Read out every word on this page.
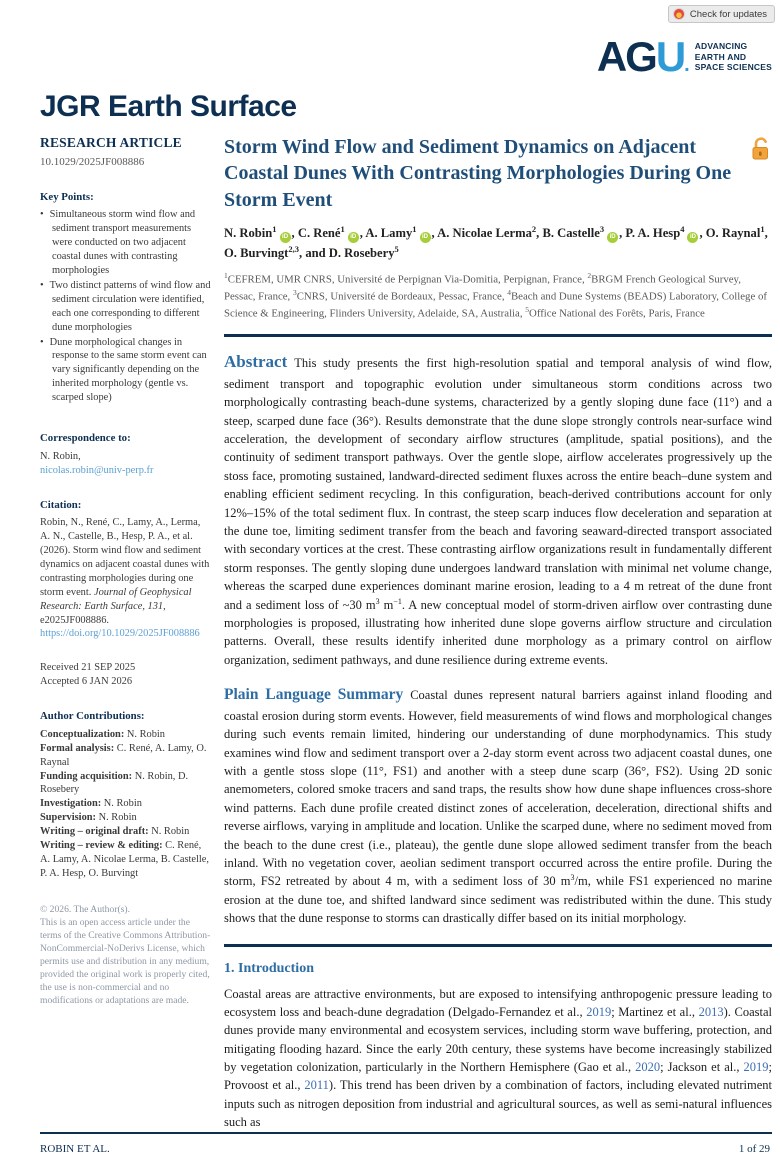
Check for updates
AGU.
ADVANCING
EARTH AND
SPACE SCIENCES
JGR Earth Surface
RESEARCH ARTICLE
10.1029/2025JF008886
Key Points:
• Simultaneous storm wind flow and sediment transport measurements were conducted on two adjacent coastal dunes with contrasting morphologies
• Two distinct patterns of wind flow and sediment circulation were identified, each one corresponding to different dune morphologies
• Dune morphological changes in response to the same storm event can vary significantly depending on the inherited morphology (gentle vs. scarped slope)
Correspondence to:
N. Robin,
nicolas.robin@univ-perp.fr
Citation:
Robin, N., René, C., Lamy, A., Lerma, A. N., Castelle, B., Hesp, P. A., et al. (2026). Storm wind flow and sediment dynamics on adjacent coastal dunes with contrasting morphologies during one storm event. Journal of Geophysical Research: Earth Surface, 131, e2025JF008886. https://doi.org/10.1029/2025JF008886
Received 21 SEP 2025
Accepted 6 JAN 2026
Author Contributions:
Conceptualization: N. Robin
Formal analysis: C. René, A. Lamy, O. Raynal
Funding acquisition: N. Robin, D. Rosebery
Investigation: N. Robin
Supervision: N. Robin
Writing – original draft: N. Robin
Writing – review & editing: C. René, A. Lamy, A. Nicolae Lerma, B. Castelle, P. A. Hesp, O. Burvingt
© 2026. The Author(s).
This is an open access article under the terms of the Creative Commons Attribution-NonCommercial-NoDerivs License, which permits use and distribution in any medium, provided the original work is properly cited, the use is non-commercial and no modifications or adaptations are made.
Storm Wind Flow and Sediment Dynamics on Adjacent Coastal Dunes With Contrasting Morphologies During One Storm Event
N. Robin$^1$iD , C. René$^1$iD , A. Lamy$^1$iD , A. Nicolae Lerma$^2$, B. Castelle$^3$iD , P. A. Hesp$^4$iD , O. Raynal$^1$, O. Burvingt$^{2,3}$, and D. Rosebery$^5$
$^1$CEFREM, UMR CNRS, Université de Perpignan Via-Domitia, Perpignan, France, $^2$BRGM French Geological Survey, Pessac, France, $^3$CNRS, Université de Bordeaux, Pessac, France, $^4$Beach and Dune Systems (BEADS) Laboratory, College of Science & Engineering, Flinders University, Adelaide, SA, Australia, $^5$Office National des Forêts, Paris, France
Abstract This study presents the first high-resolution spatial and temporal analysis of wind flow, sediment transport and topographic evolution under simultaneous storm conditions across two morphologically contrasting beach-dune systems, characterized by a gently sloping dune face (11°) and a steep, scarped dune face (36°). Results demonstrate that the dune slope strongly controls near-surface wind acceleration, the development of secondary airflow structures (amplitude, spatial positions), and the continuity of sediment transport pathways. Over the gentle slope, airflow accelerates progressively up the stoss face, promoting sustained, landward-directed sediment fluxes across the entire beach–dune system and enabling efficient sediment recycling. In this configuration, beach-derived contributions account for only 12%–15% of the total sediment flux. In contrast, the steep scarp induces flow deceleration and separation at the dune toe, limiting sediment transfer from the beach and favoring seaward-directed transport associated with secondary vortices at the crest. These contrasting airflow organizations result in fundamentally different storm responses. The gently sloping dune undergoes landward translation with minimal net volume change, whereas the scarped dune experiences dominant marine erosion, leading to a 4 m retreat of the dune front and a sediment loss of ~30 $m^3$ $m^{-1}$. A new conceptual model of storm-driven airflow over contrasting dune morphologies is proposed, illustrating how inherited dune slope governs airflow structure and circulation patterns. Overall, these results identify inherited dune morphology as a primary control on airflow organization, sediment pathways, and dune resilience during extreme events.
Plain Language Summary Coastal dunes represent natural barriers against inland flooding and coastal erosion during storm events. However, field measurements of wind flows and morphological changes during such events remain limited, hindering our understanding of dune morphodynamics. This study examines wind flow and sediment transport over a 2-day storm event across two adjacent coastal dunes, one with a gentle stoss slope (11°, FS1) and another with a steep dune scarp (36°, FS2). Using 2D sonic anemometers, colored smoke tracers and sand traps, the results show how dune shape influences cross-shore wind patterns. Each dune profile created distinct zones of acceleration, deceleration, directional shifts and reverse airflows, varying in amplitude and location. Unlike the scarped dune, where no sediment moved from the beach to the dune crest (i.e., plateau), the gentle dune slope allowed sediment transfer from the beach inland. With no vegetation cover, aeolian sediment transport occurred across the entire profile. During the storm, FS2 retreated by about 4 m, with a sediment loss of 30 $m^3/m$, while FS1 experienced no marine erosion at the dune toe, and shifted landward since sediment was redistributed within the dune. This study shows that the dune response to storms can drastically differ based on its initial morphology.
1. Introduction
Coastal areas are attractive environments, but are exposed to intensifying anthropogenic pressure leading to ecosystem loss and beach-dune degradation (Delgado-Fernandez et al., 2019; Martinez et al., 2013). Coastal dunes provide many environmental and ecosystem services, including storm wave buffering, protection, and mitigating flooding hazard. Since the early 20th century, these systems have become increasingly stabilized by vegetation colonization, particularly in the Northern Hemisphere (Gao et al., 2020; Jackson et al., 2019; Provoost et al., 2011). This trend has been driven by a combination of factors, including elevated nutriment inputs such as nitrogen deposition from industrial and agricultural sources, as well as semi-natural influences such as
ROBIN ET AL.	1 of 29
